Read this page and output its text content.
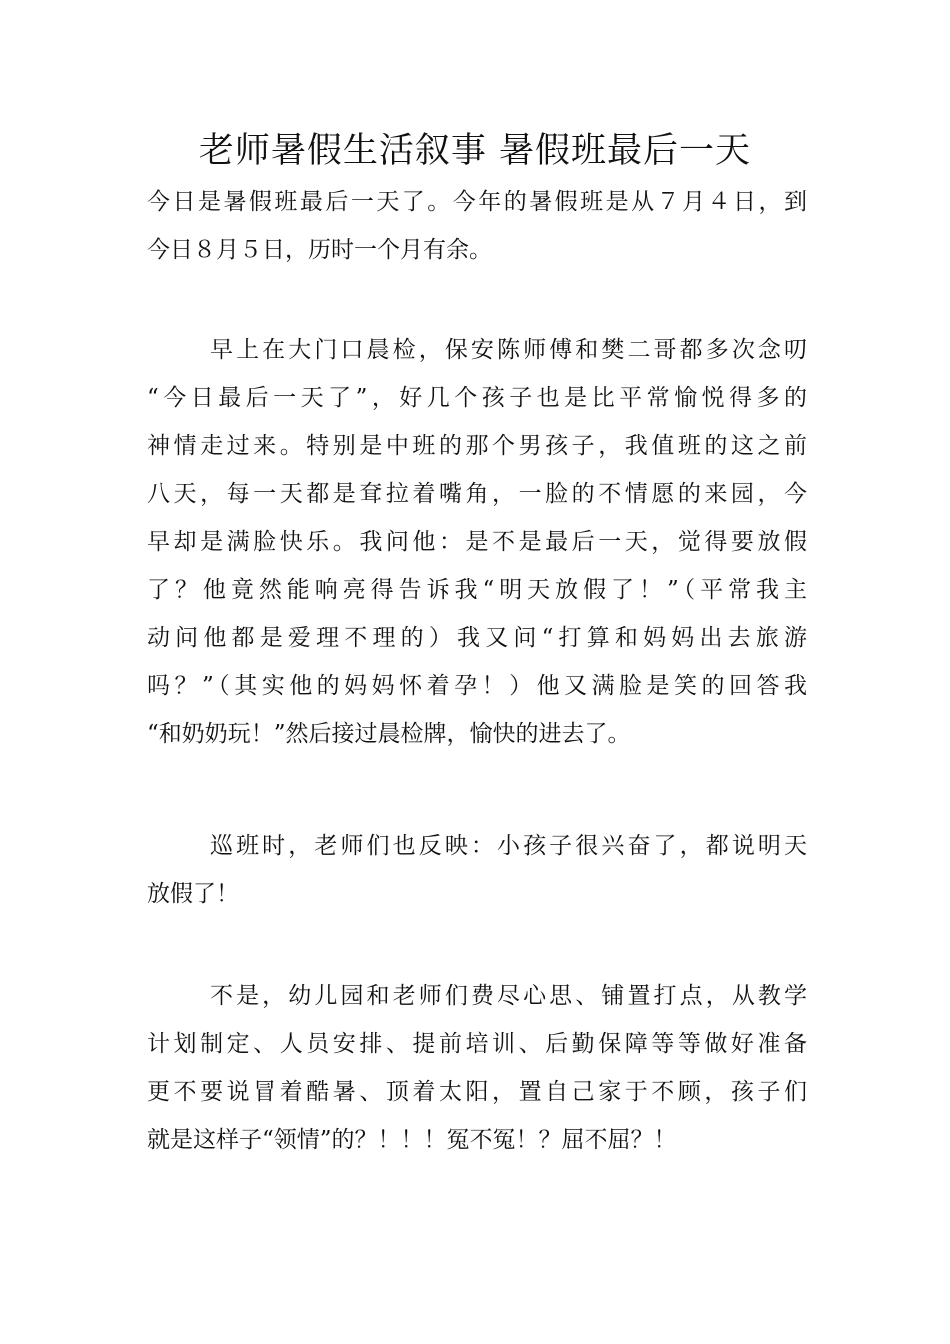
老师暑假生活叙事 暑假班最后一天
今日是暑假班最后一天了。今年的暑假班是从７月４日，到
今日８月５日，历时一个月有余。
早上在大门口晨检，保安陈师傅和樊二哥都多次念叨
“今日最后一天了”，好几个孩子也是比平常愉悦得多的
神情走过来。特别是中班的那个男孩子，我值班的这之前
八天，每一天都是耷拉着嘴角，一脸的不情愿的来园，今
早却是满脸快乐。我问他：是不是最后一天，觉得要放假
了？他竟然能响亮得告诉我“明天放假了！”（平常我主
动问他都是爱理不理的）我又问“打算和妈妈出去旅游
吗？”（其实他的妈妈怀着孕！）他又满脸是笑的回答我
“和奶奶玩！”然后接过晨检牌，愉快的进去了。
巡班时，老师们也反映：小孩子很兴奋了，都说明天
放假了！
不是，幼儿园和老师们费尽心思、铺置打点，从教学
计划制定、人员安排、提前培训、后勤保障等等做好准备
更不要说冒着酷暑、顶着太阳，置自己家于不顾，孩子们
就是这样子“领情”的？！！！冤不冤！？屈不屈？！
